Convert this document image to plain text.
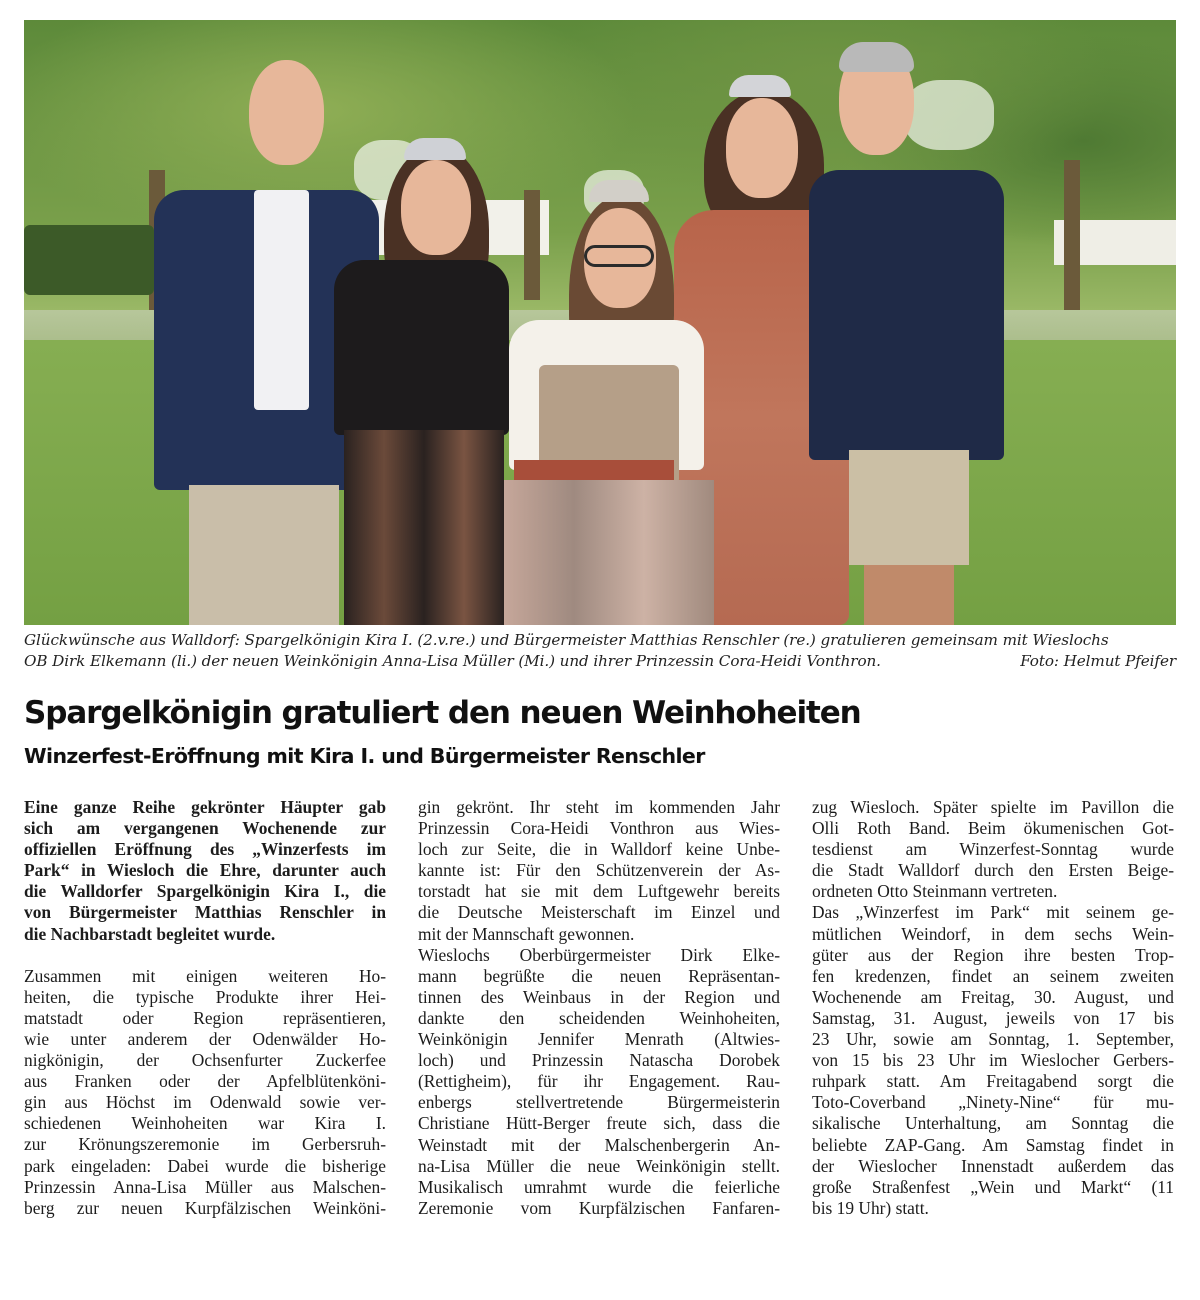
Glückwünsche aus Walldorf: Spargelkönigin Kira I. (2.v.re.) und Bürgermeister Matthias Renschler (re.) gratulieren gemeinsam mit Wieslochs
OB Dirk Elkemann (li.) der neuen Weinkönigin Anna-Lisa Müller (Mi.) und ihrer Prinzessin Cora-Heidi Vonthron.	Foto: Helmut Pfeifer
Spargelkönigin gratuliert den neuen Weinhoheiten
Winzerfest-Eröffnung mit Kira I. und Bürgermeister Renschler

Eine ganze Reihe gekrönter Häupter gab
sich am vergangenen Wochenende zur
offiziellen Eröffnung des „Winzerfests im
Park“ in Wiesloch die Ehre, darunter auch
die Walldorfer Spargelkönigin Kira I., die
von Bürgermeister Matthias Renschler in
die Nachbarstadt begleitet wurde.

Zusammen mit einigen weiteren Ho-
heiten, die typische Produkte ihrer Hei-
matstadt oder Region repräsentieren,
wie unter anderem der Odenwälder Ho-
nigkönigin, der Ochsenfurter Zuckerfee
aus Franken oder der Apfelblütenköni-
gin aus Höchst im Odenwald sowie ver-
schiedenen Weinhoheiten war Kira I.
zur Krönungszeremonie im Gerbersruh-
park eingeladen: Dabei wurde die bisherige
Prinzessin Anna-Lisa Müller aus Malschen-
berg zur neuen Kurpfälzischen Weinköni-

gin gekrönt. Ihr steht im kommenden Jahr
Prinzessin Cora-Heidi Vonthron aus Wies-
loch zur Seite, die in Walldorf keine Unbe-
kannte ist: Für den Schützenverein der As-
torstadt hat sie mit dem Luftgewehr bereits
die Deutsche Meisterschaft im Einzel und
mit der Mannschaft gewonnen.

Wieslochs Oberbürgermeister Dirk Elke-
mann begrüßte die neuen Repräsentan-
tinnen des Weinbaus in der Region und
dankte den scheidenden Weinhoheiten,
Weinkönigin Jennifer Menrath (Altwies-
loch) und Prinzessin Natascha Dorobek
(Rettigheim), für ihr Engagement. Rau-
enbergs stellvertretende Bürgermeisterin
Christiane Hütt-Berger freute sich, dass die
Weinstadt mit der Malschenbergerin An-
na-Lisa Müller die neue Weinkönigin stellt.
Musikalisch umrahmt wurde die feierliche
Zeremonie vom Kurpfälzischen Fanfaren-

zug Wiesloch. Später spielte im Pavillon die
Olli Roth Band. Beim ökumenischen Got-
tesdienst am Winzerfest-Sonntag wurde
die Stadt Walldorf durch den Ersten Beige-
ordneten Otto Steinmann vertreten.

Das „Winzerfest im Park“ mit seinem ge-
mütlichen Weindorf, in dem sechs Wein-
güter aus der Region ihre besten Trop-
fen kredenzen, findet an seinem zweiten
Wochenende am Freitag, 30. August, und
Samstag, 31. August, jeweils von 17 bis
23 Uhr, sowie am Sonntag, 1. September,
von 15 bis 23 Uhr im Wieslocher Gerbers-
ruhpark statt. Am Freitagabend sorgt die
Toto-Coverband „Ninety-Nine“ für mu-
sikalische Unterhaltung, am Sonntag die
beliebte ZAP-Gang. Am Samstag findet in
der Wieslocher Innenstadt außerdem das
große Straßenfest „Wein und Markt“ (11
bis 19 Uhr) statt.
